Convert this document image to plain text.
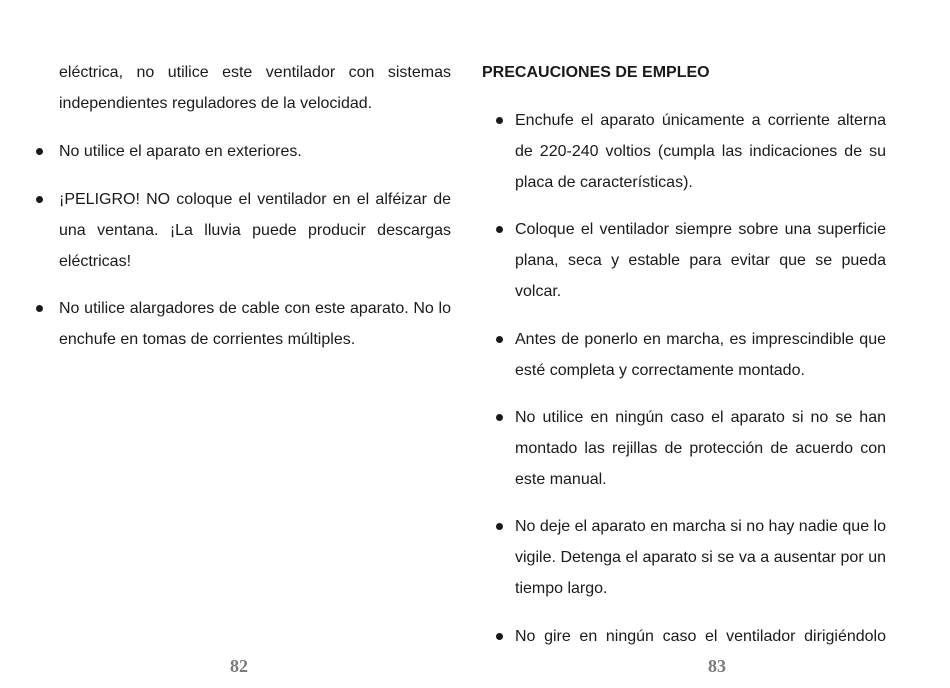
eléctrica, no utilice este ventilador con sistemas independientes reguladores de la velocidad.

No utilice el aparato en exteriores.
¡PELIGRO! NO coloque el ventilador en el alféizar de una ventana. ¡La lluvia puede producir descargas eléctricas!
No utilice alargadores de cable con este aparato. No lo enchufe en tomas de corrientes múltiples.

PRECAUCIONES DE EMPLEO

Enchufe el aparato únicamente a corriente alterna de 220-240 voltios (cumpla las indicaciones de su placa de características).
Coloque el ventilador siempre sobre una superficie plana, seca y estable para evitar que se pueda volcar.
Antes de ponerlo en marcha, es imprescindible que esté completa y correctamente montado.
No utilice en ningún caso el aparato si no se han montado las rejillas de protección de acuerdo con este manual.
No deje el aparato en marcha si no hay nadie que lo vigile. Detenga el aparato si se va a ausentar por un tiempo largo.
No gire en ningún caso el ventilador dirigiéndolo
82	83
